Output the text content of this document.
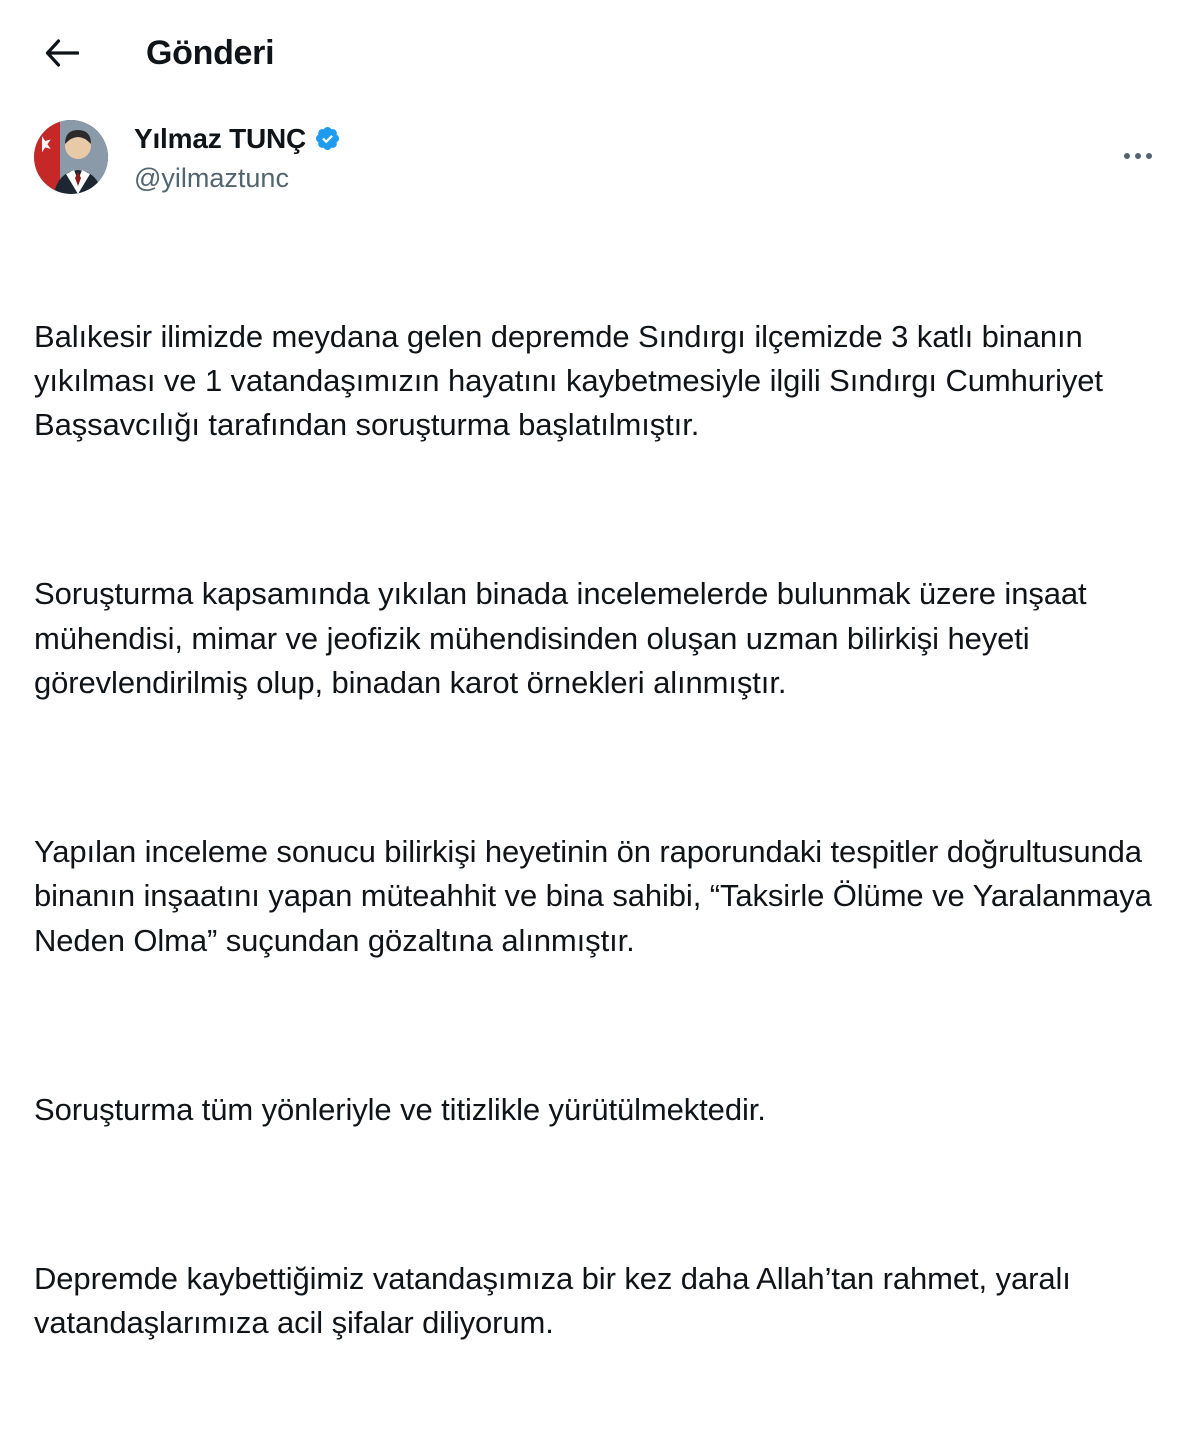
Gönderi
Yılmaz TUNÇ
@yilmaztunc

Balıkesir ilimizde meydana gelen depremde Sındırgı ilçemizde 3 katlı binanın yıkılması ve 1 vatandaşımızın hayatını kaybetmesiyle ilgili Sındırgı Cumhuriyet Başsavcılığı tarafından soruşturma başlatılmıştır.

Soruşturma kapsamında yıkılan binada incelemelerde bulunmak üzere inşaat mühendisi, mimar ve jeofizik mühendisinden oluşan uzman bilirkişi heyeti görevlendirilmiş olup, binadan karot örnekleri alınmıştır.

Yapılan inceleme sonucu bilirkişi heyetinin ön raporundaki tespitler doğrultusunda binanın inşaatını yapan müteahhit ve bina sahibi, “Taksirle Ölüme ve Yaralanmaya Neden Olma” suçundan gözaltına alınmıştır.

Soruşturma tüm yönleriyle ve titizlikle yürütülmektedir.

Depremde kaybettiğimiz vatandaşımıza bir kez daha Allah’tan rahmet, yaralı vatandaşlarımıza acil şifalar diliyorum.
